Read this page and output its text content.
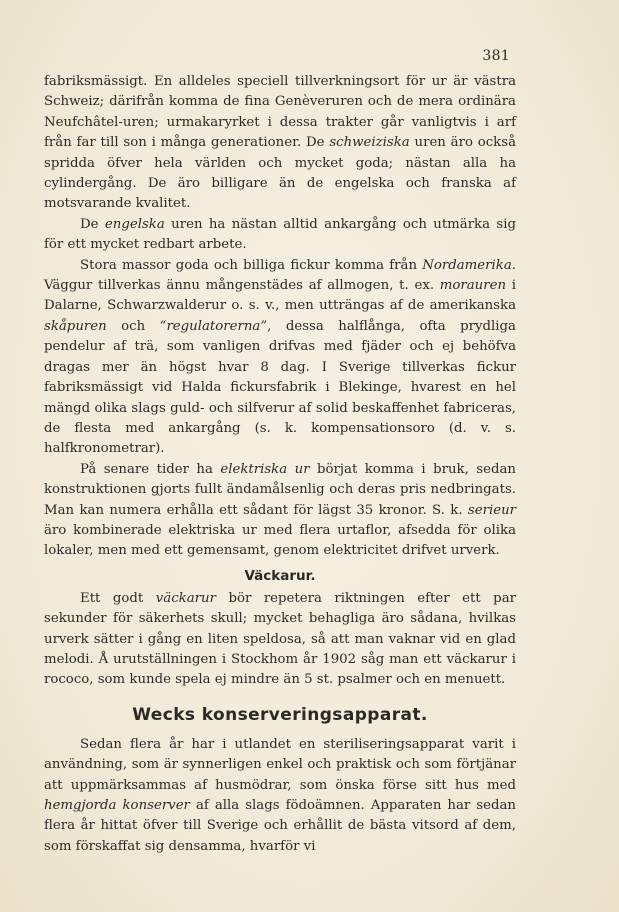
381

fabriksmässigt. En alldeles speciell tillverkningsort för ur är västra Schweiz; därifrån komma de fina Genèveruren och de mera ordinära Neufchâtel-uren; urmakaryrket i dessa trakter går vanligtvis i arf från far till son i många generationer. De schweiziska uren äro också spridda öfver hela världen och mycket goda; nästan alla ha cylindergång. De äro billigare än de engelska och franska af motsvarande kvalitet.

De engelska uren ha nästan alltid ankargång och utmärka sig för ett mycket redbart arbete.

Stora massor goda och billiga fickur komma från Nordamerika. Väggur tillverkas ännu mångenstädes af allmogen, t. ex. morauren i Dalarne, Schwarzwalderur o. s. v., men utträngas af de amerikanska skåpuren och “regulatorerna”, dessa halflånga, ofta prydliga pendelur af trä, som vanligen drifvas med fjäder och ej behöfva dragas mer än högst hvar 8 dag. I Sverige tillverkas fickur fabriksmässigt vid Halda fickursfabrik i Blekinge, hvarest en hel mängd olika slags guld- och silfverur af solid beskaffenhet fabriceras, de flesta med ankargång (s. k. kompensationsoro (d. v. s. halfkronometrar).

På senare tider ha elektriska ur börjat komma i bruk, sedan konstruktionen gjorts fullt ändamålsenlig och deras pris nedbringats. Man kan numera erhålla ett sådant för lägst 35 kronor. S. k. serieur äro kombinerade elektriska ur med flera urtaflor, afsedda för olika lokaler, men med ett gemensamt, genom elektricitet drifvet urverk.

Väckarur.

Ett godt väckarur bör repetera riktningen efter ett par sekunder för säkerhets skull; mycket behagliga äro sådana, hvilkas urverk sätter i gång en liten speldosa, så att man vaknar vid en glad melodi. Å urutställningen i Stockhom år 1902 såg man ett väckarur i rococo, som kunde spela ej mindre än 5 st. psalmer och en menuett.

Wecks konserveringsapparat.

Sedan flera år har i utlandet en steriliseringsapparat varit i användning, som är synnerligen enkel och praktisk och som förtjänar att uppmärksammas af husmödrar, som önska förse sitt hus med hemgjorda konserver af alla slags födoämnen. Apparaten har sedan flera år hittat öfver till Sverige och erhållit de bästa vitsord af dem, som förskaffat sig densamma, hvarför vi
